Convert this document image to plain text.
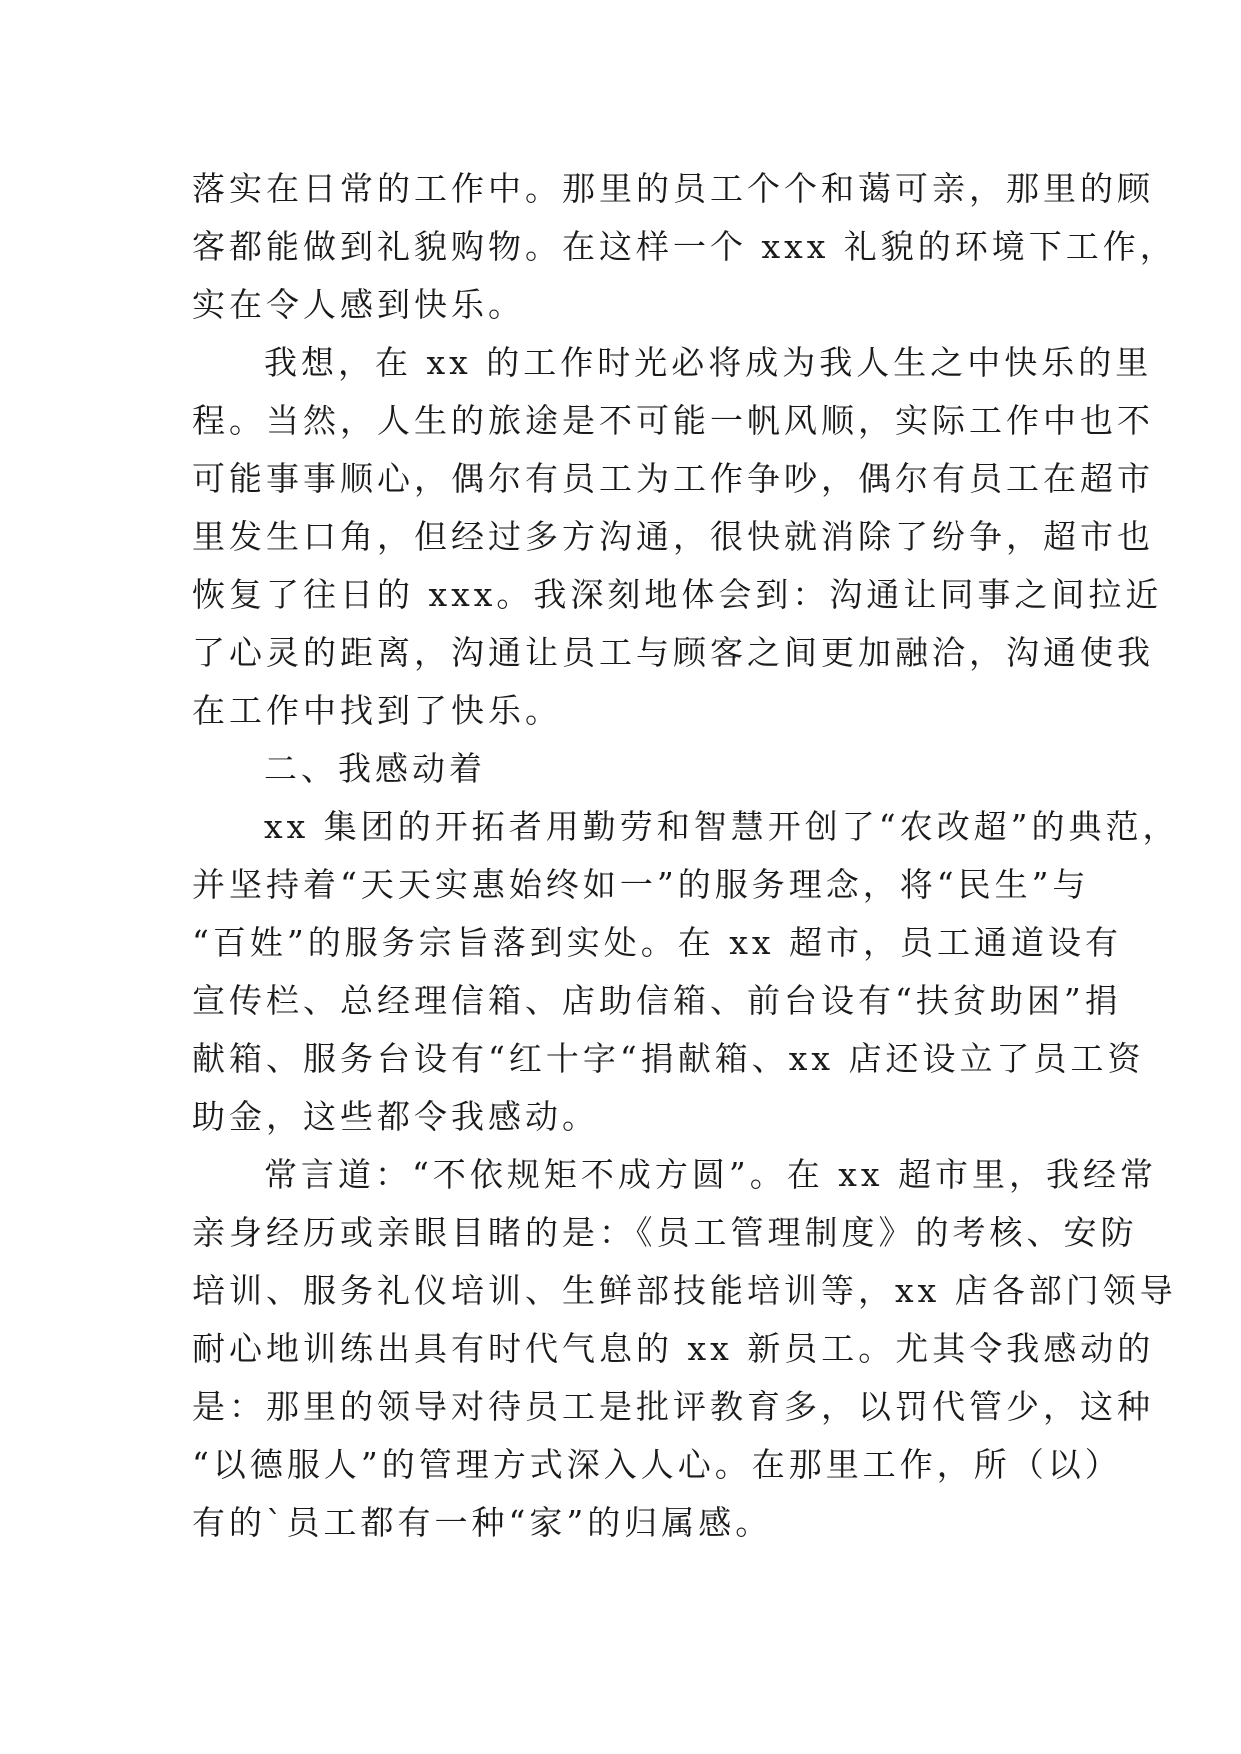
落实在日常的工作中。那里的员工个个和蔼可亲，那里的顾
客都能做到礼貌购物。在这样一个 xxx 礼貌的环境下工作，
实在令人感到快乐。
我想，在 xx 的工作时光必将成为我人生之中快乐的里
程。当然，人生的旅途是不可能一帆风顺，实际工作中也不
可能事事顺心，偶尔有员工为工作争吵，偶尔有员工在超市
里发生口角，但经过多方沟通，很快就消除了纷争，超市也
恢复了往日的 xxx。我深刻地体会到：沟通让同事之间拉近
了心灵的距离，沟通让员工与顾客之间更加融洽，沟通使我
在工作中找到了快乐。
二、我感动着
xx 集团的开拓者用勤劳和智慧开创了“农改超”的典范，
并坚持着“天天实惠始终如一”的服务理念，将“民生”与
“百姓”的服务宗旨落到实处。在 xx 超市，员工通道设有
宣传栏、总经理信箱、店助信箱、前台设有“扶贫助困”捐
献箱、服务台设有“红十字“捐献箱、xx 店还设立了员工资
助金，这些都令我感动。
常言道：“不依规矩不成方圆”。在 xx 超市里，我经常
亲身经历或亲眼目睹的是：《员工管理制度》的考核、安防
培训、服务礼仪培训、生鲜部技能培训等，xx 店各部门领导
耐心地训练出具有时代气息的 xx 新员工。尤其令我感动的
是：那里的领导对待员工是批评教育多，以罚代管少，这种
“以德服人”的管理方式深入人心。在那里工作，所（以）
有的`员工都有一种“家”的归属感。
